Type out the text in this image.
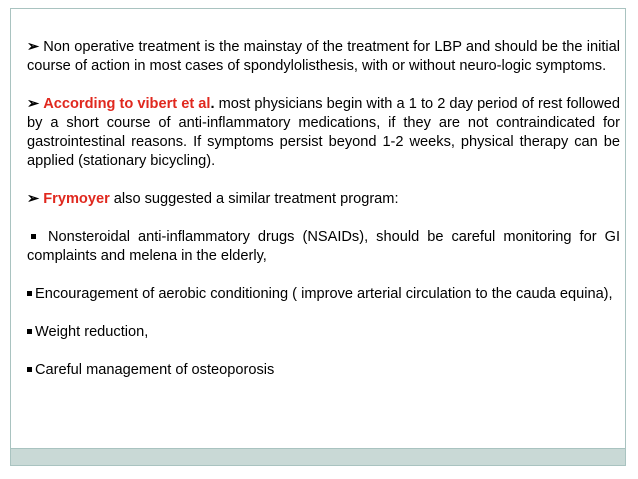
➢ Non operative treatment is the mainstay of the treatment for LBP and should be the initial course of action in most cases of spondylolisthesis, with or without neuro-logic symptoms.

➢ According to vibert et al. most physicians begin with a 1 to 2 day period of rest followed by a short course of anti-inflammatory medications, if they are not contraindicated for gastrointestinal reasons. If symptoms persist beyond 1-2 weeks, physical therapy can be applied (stationary bicycling).

➢ Frymoyer also suggested a similar treatment program:

Nonsteroidal anti-inflammatory drugs (NSAIDs), should be careful monitoring for GI complaints and melena in the elderly,

Encouragement of aerobic conditioning ( improve arterial circulation to the cauda equina),

Weight reduction,

Careful management of osteoporosis
